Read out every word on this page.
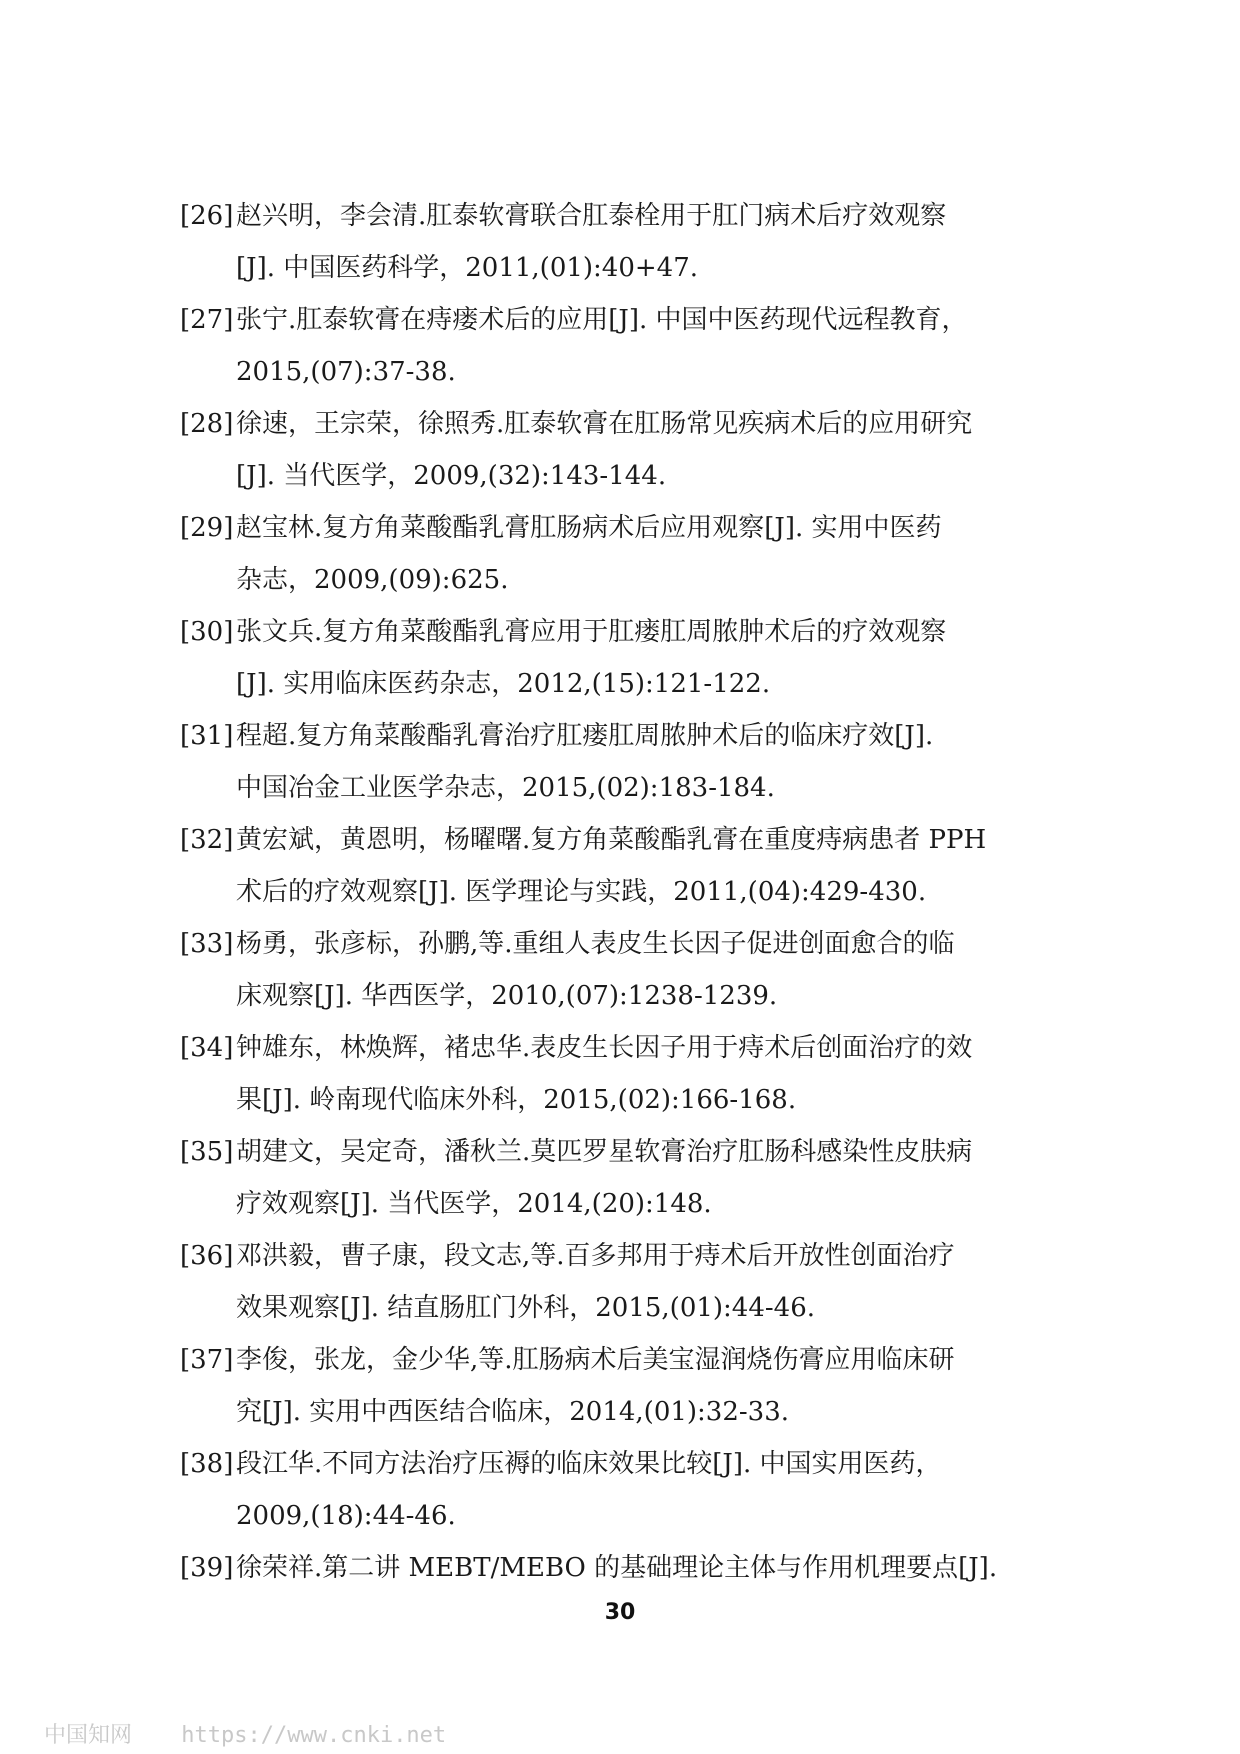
[26] 赵兴明，李会清.肛泰软膏联合肛泰栓用于肛门病术后疗效观察
[J]. 中国医药科学，2011,(01):40+47.
[27] 张宁.肛泰软膏在痔瘘术后的应用[J]. 中国中医药现代远程教育，
2015,(07):37-38.
[28] 徐速，王宗荣，徐照秀.肛泰软膏在肛肠常见疾病术后的应用研究
[J]. 当代医学，2009,(32):143-144.
[29] 赵宝林.复方角菜酸酯乳膏肛肠病术后应用观察[J]. 实用中医药
杂志，2009,(09):625.
[30] 张文兵.复方角菜酸酯乳膏应用于肛瘘肛周脓肿术后的疗效观察
[J]. 实用临床医药杂志，2012,(15):121-122.
[31] 程超.复方角菜酸酯乳膏治疗肛瘘肛周脓肿术后的临床疗效[J].
中国冶金工业医学杂志，2015,(02):183-184.
[32] 黄宏斌，黄恩明，杨曜曙.复方角菜酸酯乳膏在重度痔病患者 PPH
术后的疗效观察[J]. 医学理论与实践，2011,(04):429-430.
[33] 杨勇，张彦标，孙鹏,等.重组人表皮生长因子促进创面愈合的临
床观察[J]. 华西医学，2010,(07):1238-1239.
[34] 钟雄东，林焕辉，褚忠华.表皮生长因子用于痔术后创面治疗的效
果[J]. 岭南现代临床外科，2015,(02):166-168.
[35] 胡建文，吴定奇，潘秋兰.莫匹罗星软膏治疗肛肠科感染性皮肤病
疗效观察[J]. 当代医学，2014,(20):148.
[36] 邓洪毅，曹子康，段文志,等.百多邦用于痔术后开放性创面治疗
效果观察[J]. 结直肠肛门外科，2015,(01):44-46.
[37] 李俊，张龙，金少华,等.肛肠病术后美宝湿润烧伤膏应用临床研
究[J]. 实用中西医结合临床，2014,(01):32-33.
[38] 段江华.不同方法治疗压褥的临床效果比较[J]. 中国实用医药，
2009,(18):44-46.
[39] 徐荣祥.第二讲 MEBT/MEBO 的基础理论主体与作用机理要点[J].
30
中国知网 https://www.cnki.net
